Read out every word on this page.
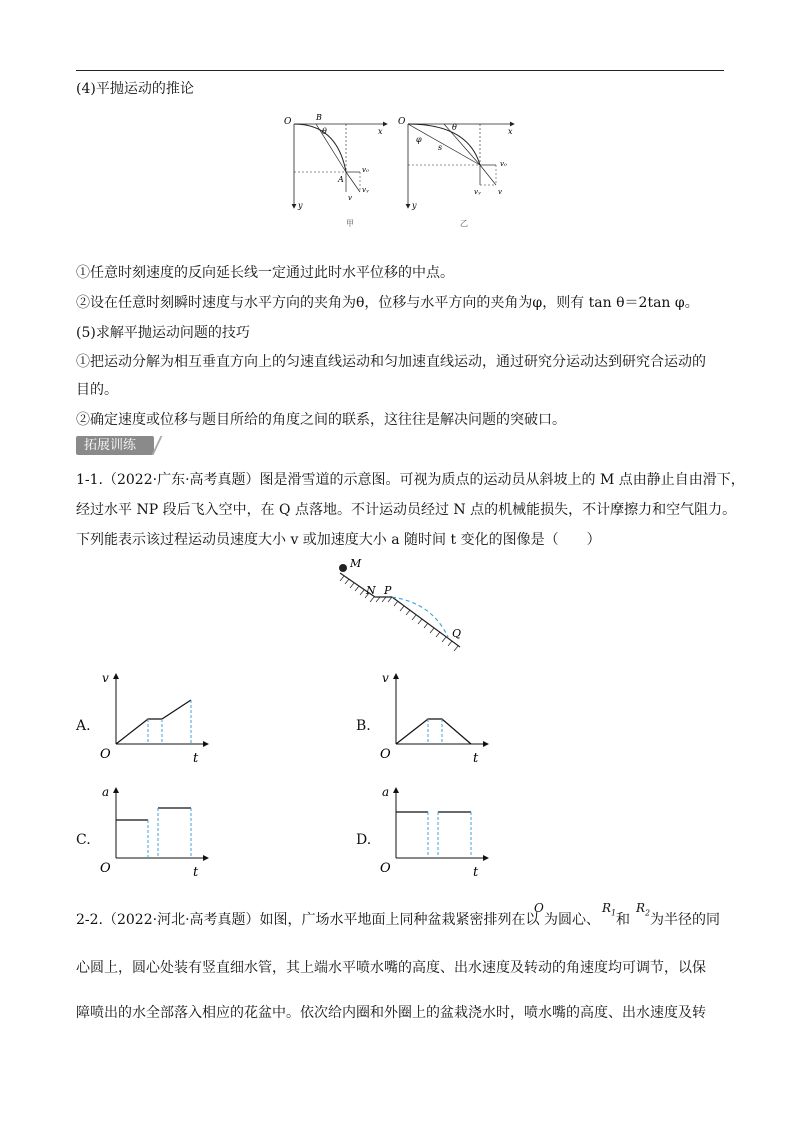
(4)平抛运动的推论
O	B
θ	x
A
v₀
vᵧ
v
y
甲
O
θ
φ
s
x
v₀
vᵧ v
y
乙
①任意时刻速度的反向延长线一定通过此时水平位移的中点。
②设在任意时刻瞬时速度与水平方向的夹角为θ，位移与水平方向的夹角为φ，则有 tan θ＝2tan φ。
(5)求解平抛运动问题的技巧
①把运动分解为相互垂直方向上的匀速直线运动和匀加速直线运动，通过研究分运动达到研究合运动的
目的。
②确定速度或位移与题目所给的角度之间的联系，这往往是解决问题的突破口。
拓展训练
1-1.（2022·广东·高考真题）图是滑雪道的示意图。可视为质点的运动员从斜坡上的 M 点由静止自由滑下，
经过水平 NP 段后飞入空中，在 Q 点落地。不计运动员经过 N 点的机械能损失，不计摩擦力和空气阻力。
下列能表示该过程运动员速度大小 v 或加速度大小 a 随时间 t 变化的图像是（　　）
M
N P
Q
A.
v
O	t
B.
v
O	t
C.
a
O	t
D.
a
O	t
2-2.（2022·河北·高考真题）如图，广场水平地面上同种盆栽紧密排列在以
O
为圆心、
$R_1$ 和
$R_2$ 为半径的同
心圆上，圆心处装有竖直细水管，其上端水平喷水嘴的高度、出水速度及转动的角速度均可调节，以保
障喷出的水全部落入相应的花盆中。依次给内圈和外圈上的盆栽浇水时，喷水嘴的高度、出水速度及转
